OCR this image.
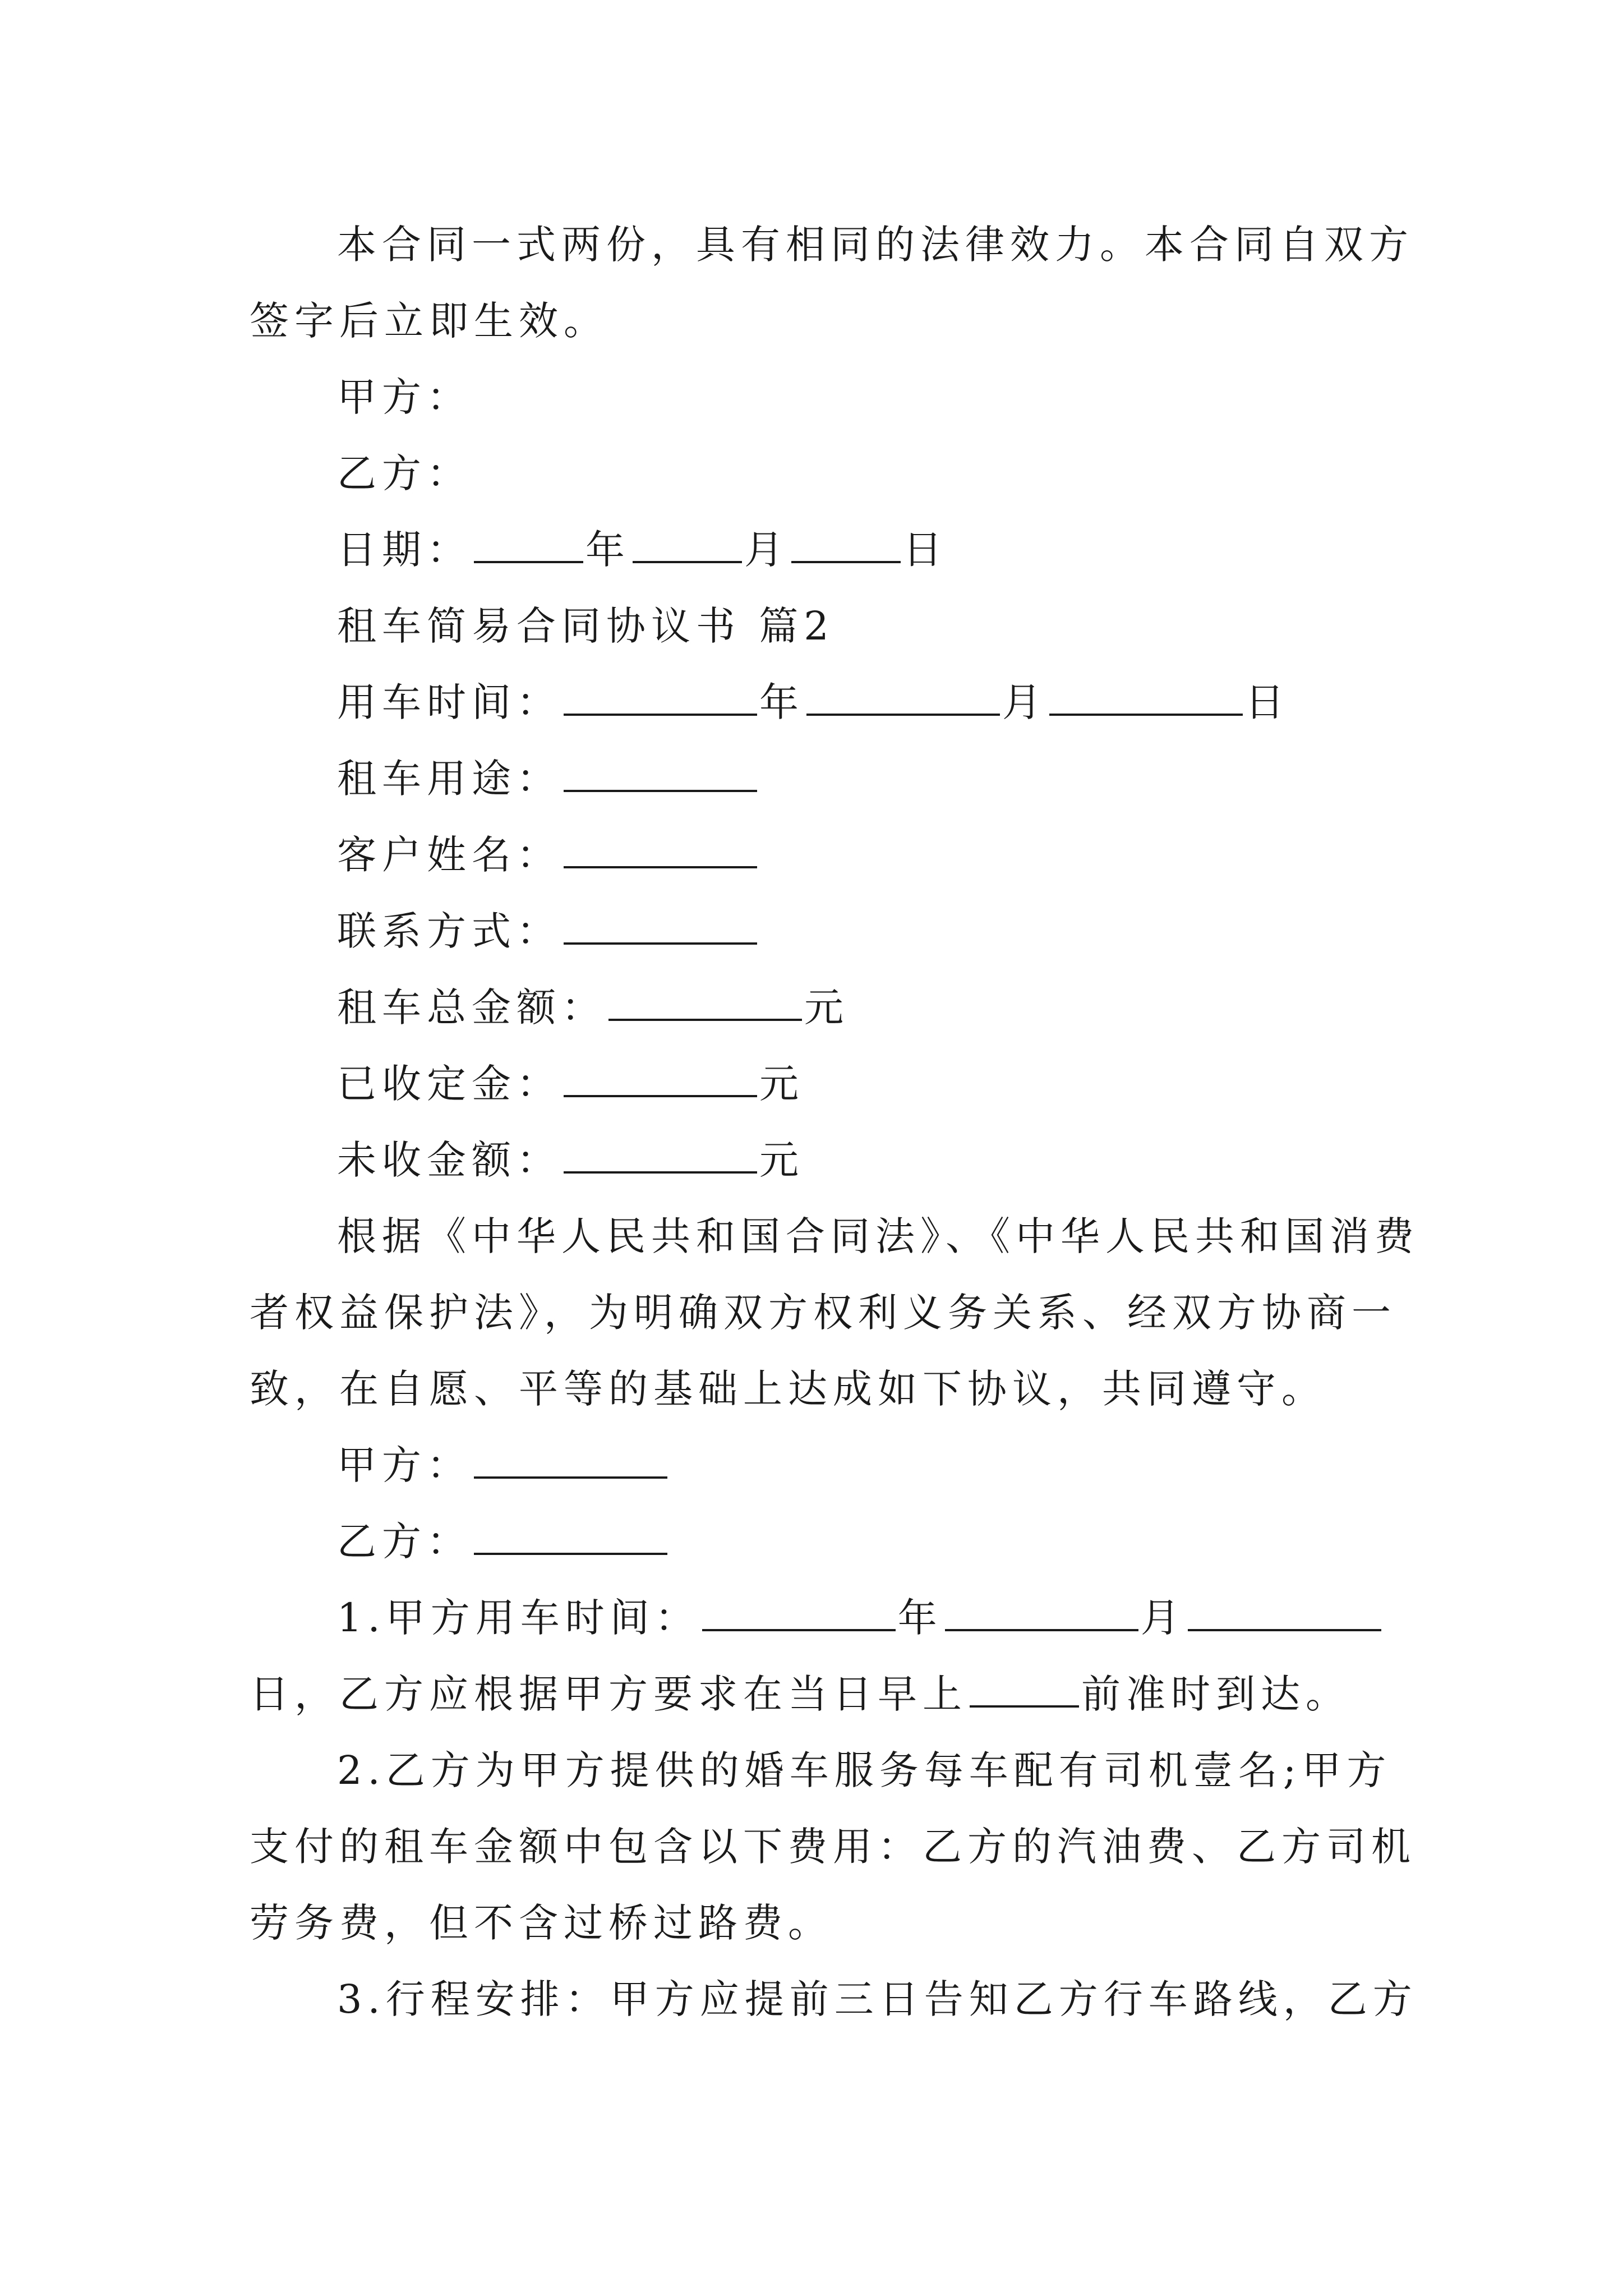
本合同一式两份，具有相同的法律效力。本合同自双方
签字后立即生效。
甲方：
乙方：
日期：	年	月	日
租车简易合同协议书 篇2
用车时间：	年	月	日
租车用途：
客户姓名：
联系方式：
租车总金额：	元
已收定金：	元
未收金额：	元
根据《中华人民共和国合同法》、《中华人民共和国消费
者权益保护法》，为明确双方权利义务关系、经双方协商一
致，在自愿、平等的基础上达成如下协议，共同遵守。
甲方：
乙方：
1.甲方用车时间：	年	月
日，乙方应根据甲方要求在当日早上	前准时到达。
2.乙方为甲方提供的婚车服务每车配有司机壹名;甲方
支付的租车金额中包含以下费用：乙方的汽油费、乙方司机
劳务费，但不含过桥过路费。
3.行程安排：甲方应提前三日告知乙方行车路线，乙方
